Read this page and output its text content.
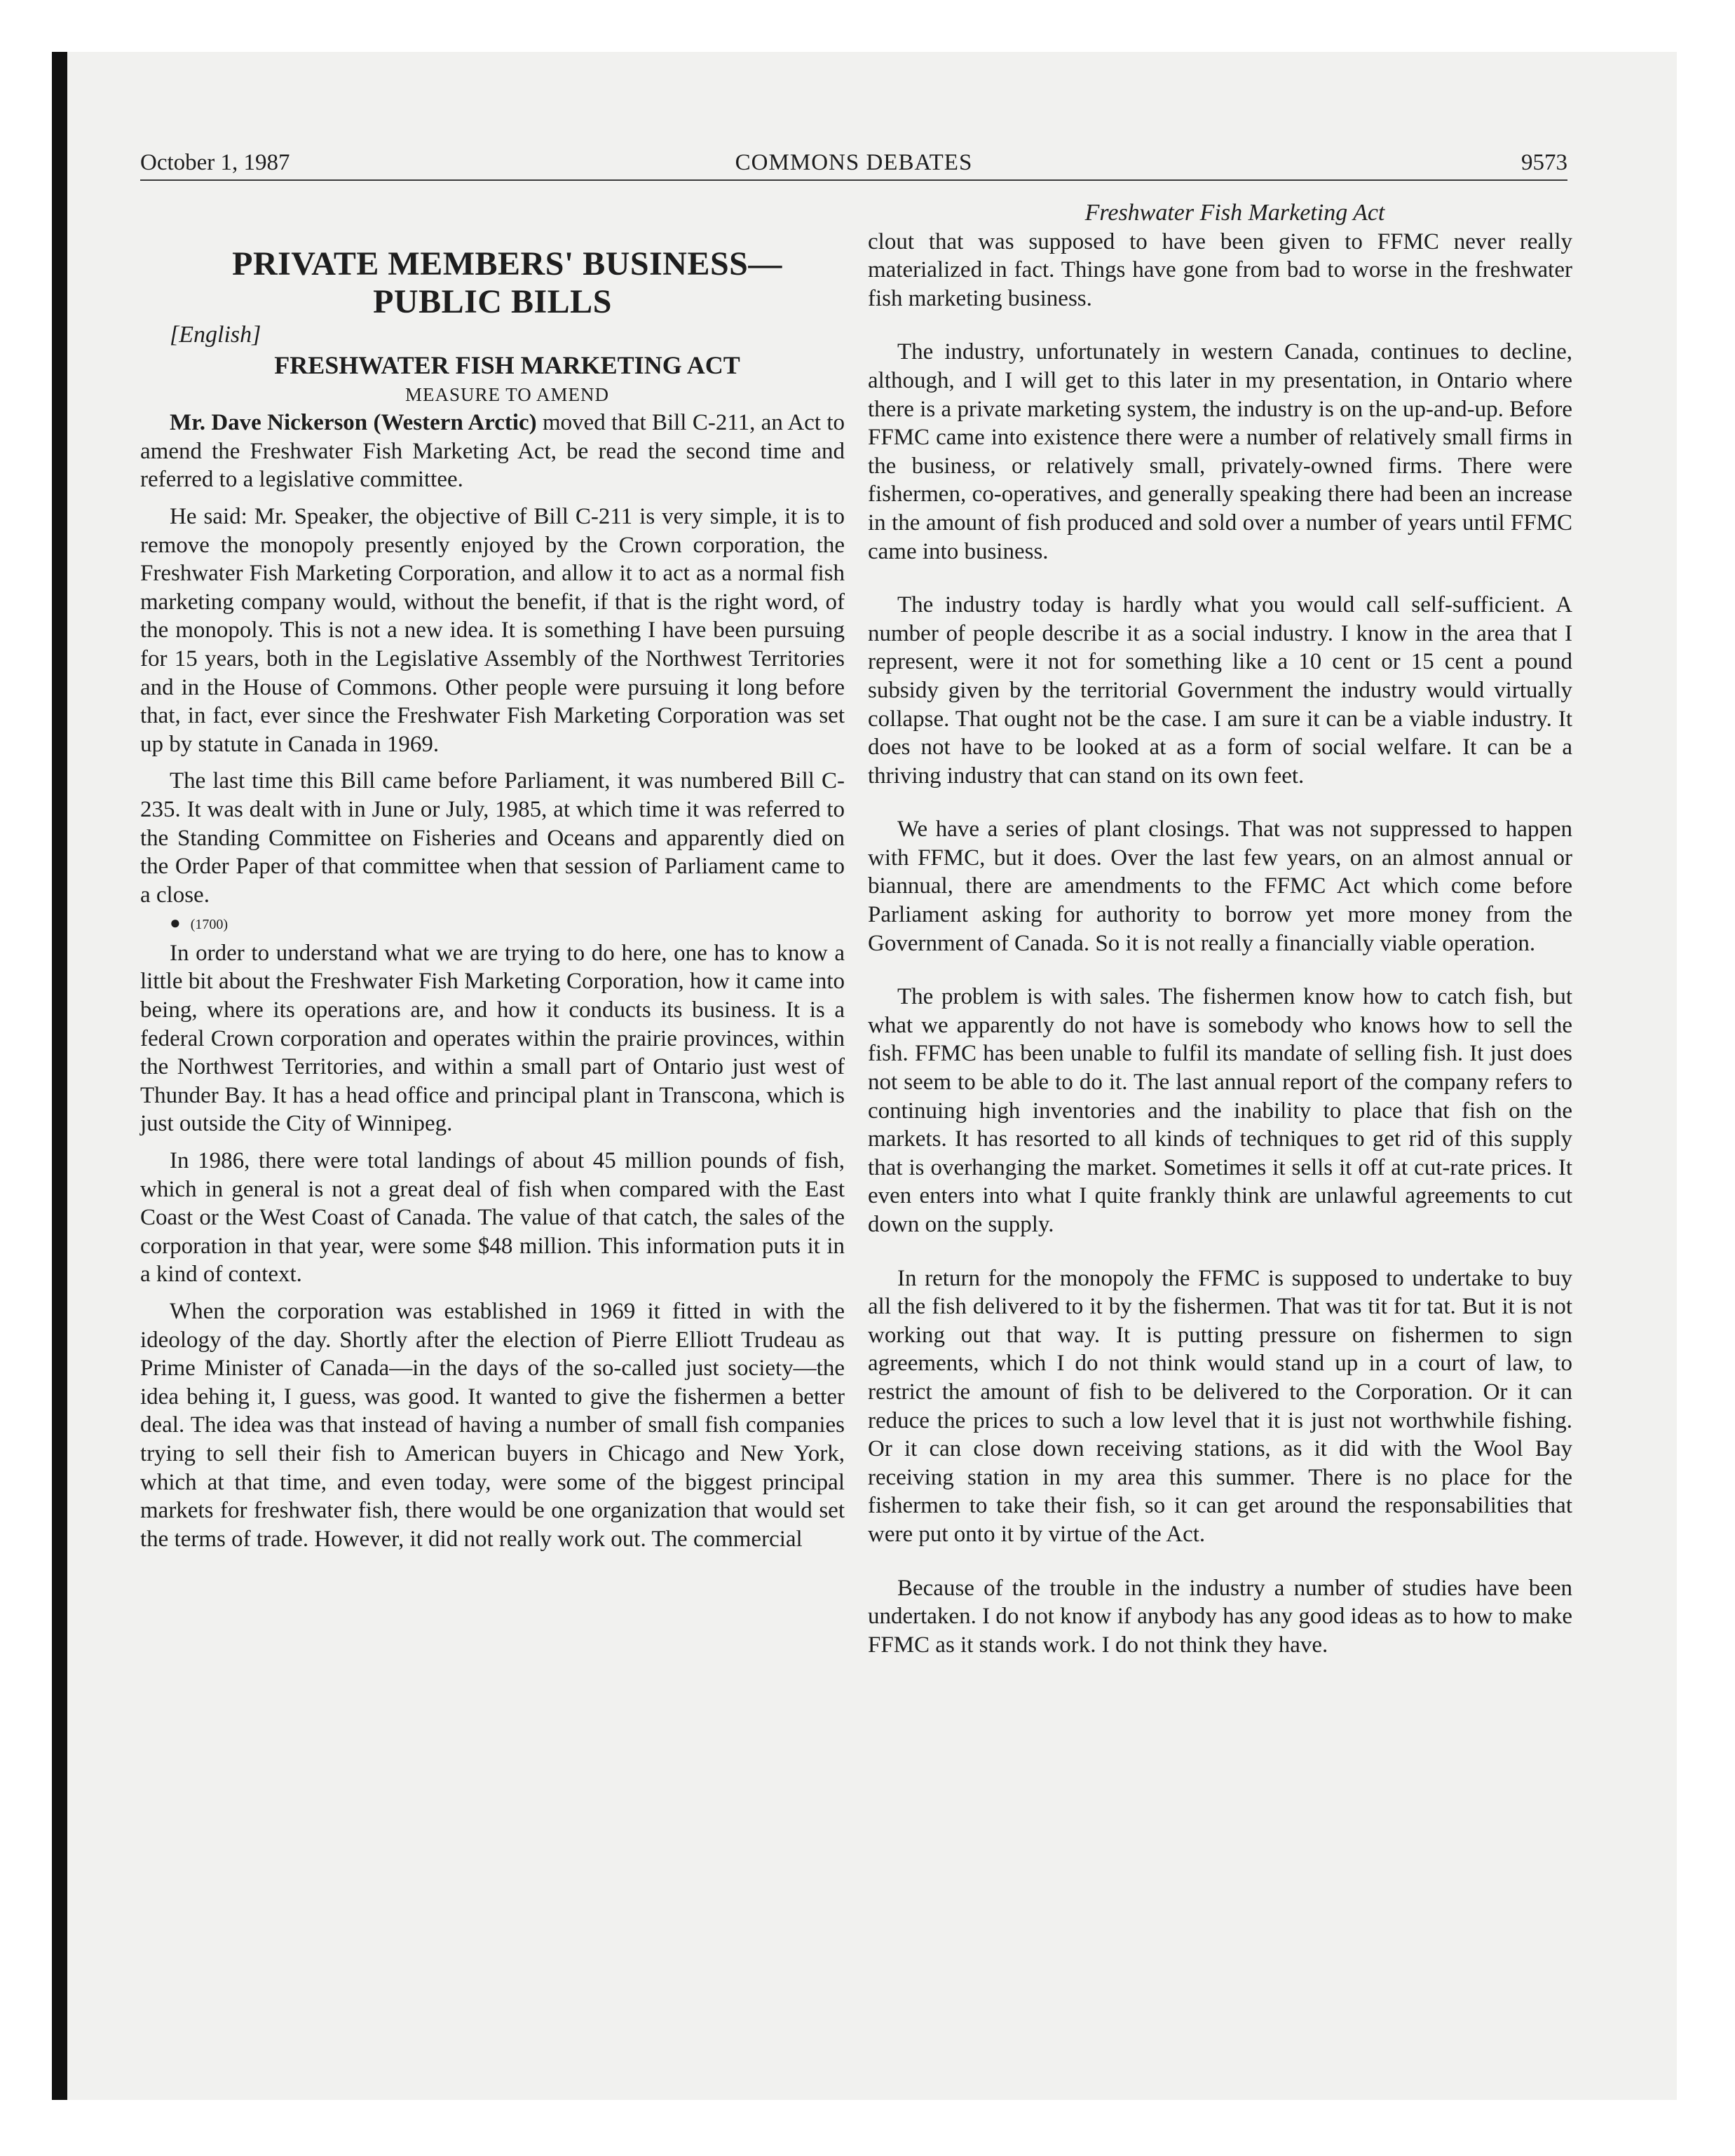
October 1, 1987	COMMONS DEBATES	9573

PRIVATE MEMBERS' BUSINESS—PUBLIC BILLS

[English]

FRESHWATER FISH MARKETING ACT

MEASURE TO AMEND

Mr. Dave Nickerson (Western Arctic) moved that Bill C-211, an Act to amend the Freshwater Fish Marketing Act, be read the second time and referred to a legislative committee.

He said: Mr. Speaker, the objective of Bill C-211 is very simple, it is to remove the monopoly presently enjoyed by the Crown corporation, the Freshwater Fish Marketing Corporation, and allow it to act as a normal fish marketing company would, without the benefit, if that is the right word, of the monopoly. This is not a new idea. It is something I have been pursuing for 15 years, both in the Legislative Assembly of the Northwest Territories and in the House of Commons. Other people were pursuing it long before that, in fact, ever since the Freshwater Fish Marketing Corporation was set up by statute in Canada in 1969.

The last time this Bill came before Parliament, it was numbered Bill C-235. It was dealt with in June or July, 1985, at which time it was referred to the Standing Committee on Fisheries and Oceans and apparently died on the Order Paper of that committee when that session of Parliament came to a close.

● (1700)

In order to understand what we are trying to do here, one has to know a little bit about the Freshwater Fish Marketing Corporation, how it came into being, where its operations are, and how it conducts its business. It is a federal Crown corporation and operates within the prairie provinces, within the Northwest Territories, and within a small part of Ontario just west of Thunder Bay. It has a head office and principal plant in Transcona, which is just outside the City of Winnipeg.

In 1986, there were total landings of about 45 million pounds of fish, which in general is not a great deal of fish when compared with the East Coast or the West Coast of Canada. The value of that catch, the sales of the corporation in that year, were some $48 million. This information puts it in a kind of context.

When the corporation was established in 1969 it fitted in with the ideology of the day. Shortly after the election of Pierre Elliott Trudeau as Prime Minister of Canada—in the days of the so-called just society—the idea behing it, I guess, was good. It wanted to give the fishermen a better deal. The idea was that instead of having a number of small fish companies trying to sell their fish to American buyers in Chicago and New York, which at that time, and even today, were some of the biggest principal markets for freshwater fish, there would be one organization that would set the terms of trade. However, it did not really work out. The commercial

Freshwater Fish Marketing Act

clout that was supposed to have been given to FFMC never really materialized in fact. Things have gone from bad to worse in the freshwater fish marketing business.

The industry, unfortunately in western Canada, continues to decline, although, and I will get to this later in my presentation, in Ontario where there is a private marketing system, the industry is on the up-and-up. Before FFMC came into existence there were a number of relatively small firms in the business, or relatively small, privately-owned firms. There were fishermen, co-operatives, and generally speaking there had been an increase in the amount of fish produced and sold over a number of years until FFMC came into business.

The industry today is hardly what you would call self-sufficient. A number of people describe it as a social industry. I know in the area that I represent, were it not for something like a 10 cent or 15 cent a pound subsidy given by the territorial Government the industry would virtually collapse. That ought not be the case. I am sure it can be a viable industry. It does not have to be looked at as a form of social welfare. It can be a thriving industry that can stand on its own feet.

We have a series of plant closings. That was not suppressed to happen with FFMC, but it does. Over the last few years, on an almost annual or biannual, there are amendments to the FFMC Act which come before Parliament asking for authority to borrow yet more money from the Government of Canada. So it is not really a financially viable operation.

The problem is with sales. The fishermen know how to catch fish, but what we apparently do not have is somebody who knows how to sell the fish. FFMC has been unable to fulfil its mandate of selling fish. It just does not seem to be able to do it. The last annual report of the company refers to continuing high inventories and the inability to place that fish on the markets. It has resorted to all kinds of techniques to get rid of this supply that is overhanging the market. Sometimes it sells it off at cut-rate prices. It even enters into what I quite frankly think are unlawful agreements to cut down on the supply.

In return for the monopoly the FFMC is supposed to undertake to buy all the fish delivered to it by the fishermen. That was tit for tat. But it is not working out that way. It is putting pressure on fishermen to sign agreements, which I do not think would stand up in a court of law, to restrict the amount of fish to be delivered to the Corporation. Or it can reduce the prices to such a low level that it is just not worthwhile fishing. Or it can close down receiving stations, as it did with the Wool Bay receiving station in my area this summer. There is no place for the fishermen to take their fish, so it can get around the responsabilities that were put onto it by virtue of the Act.

Because of the trouble in the industry a number of studies have been undertaken. I do not know if anybody has any good ideas as to how to make FFMC as it stands work. I do not think they have.
